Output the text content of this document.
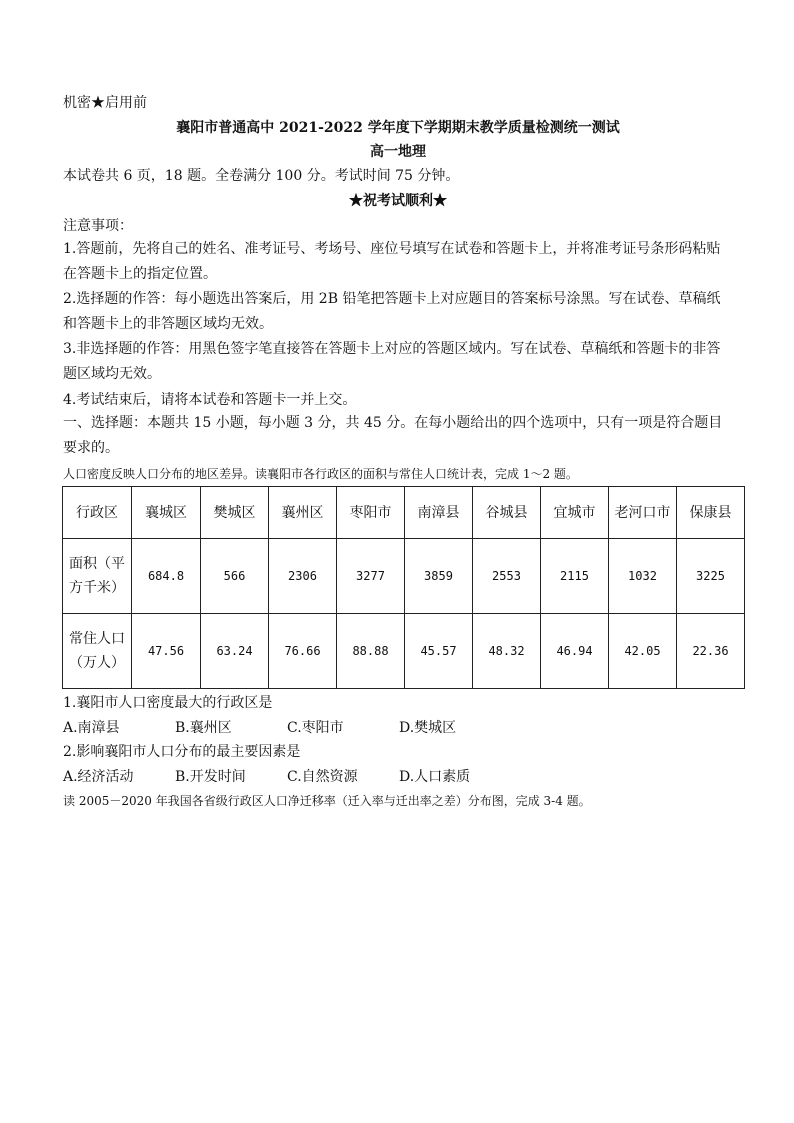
机密★启用前
襄阳市普通高中 2021-2022 学年度下学期期末教学质量检测统一测试
高一地理
本试卷共 6 页，18 题。全卷满分 100 分。考试时间 75 分钟。
★祝考试顺利★
注意事项：
1.答题前，先将自己的姓名、准考证号、考场号、座位号填写在试卷和答题卡上，并将准考证号条形码粘贴在答题卡上的指定位置。
2.选择题的作答：每小题选出答案后，用 2B 铅笔把答题卡上对应题目的答案标号涂黑。写在试卷、草稿纸和答题卡上的非答题区域均无效。
3.非选择题的作答：用黑色签字笔直接答在答题卡上对应的答题区域内。写在试卷、草稿纸和答题卡的非答题区域均无效。
4.考试结束后，请将本试卷和答题卡一并上交。
一、选择题：本题共 15 小题，每小题 3 分，共 45 分。在每小题给出的四个选项中，只有一项是符合题目要求的。
人口密度反映人口分布的地区差异。读襄阳市各行政区的面积与常住人口统计表，完成 1～2 题。
行政区	襄城区	樊城区	襄州区	枣阳市	南漳县	谷城县	宜城市	老河口市	保康县
面积（平方千米）	684.8	566	2306	3277	3859	2553	2115	1032	3225
常住人口（万人）	47.56	63.24	76.66	88.88	45.57	48.32	46.94	42.05	22.36
1.襄阳市人口密度最大的行政区是
A.南漳县	B.襄州区	C.枣阳市	D.樊城区
2.影响襄阳市人口分布的最主要因素是
A.经济活动	B.开发时间	C.自然资源	D.人口素质
读 2005－2020 年我国各省级行政区人口净迁移率（迁入率与迁出率之差）分布图，完成 3-4 题。
